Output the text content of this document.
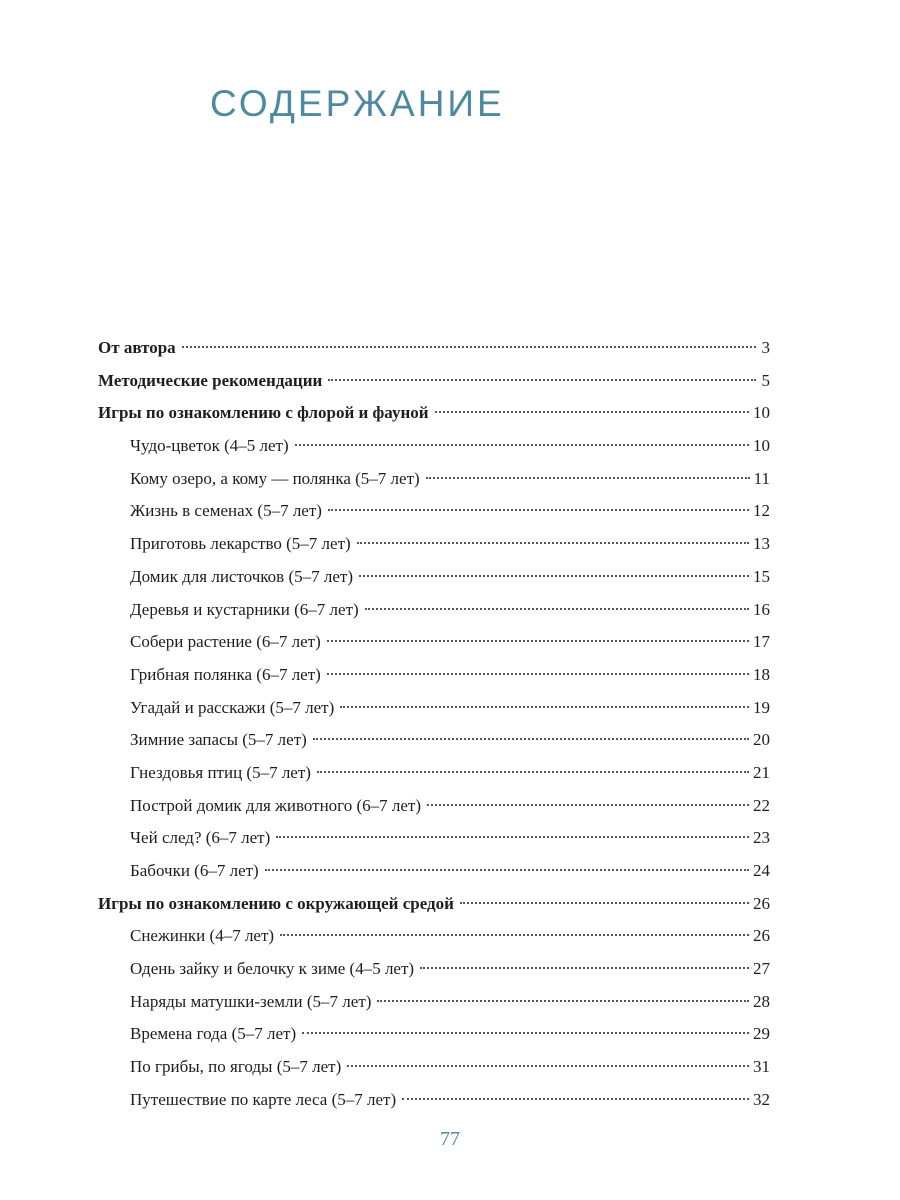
СОДЕРЖАНИЕ
От автора	3
Методические рекомендации	5
Игры по ознакомлению с флорой и фауной	10
Чудо-цветок (4–5 лет)	10
Кому озеро, а кому — полянка (5–7 лет)	11
Жизнь в семенах (5–7 лет)	12
Приготовь лекарство (5–7 лет)	13
Домик для листочков (5–7 лет)	15
Деревья и кустарники (6–7 лет)	16
Собери растение (6–7 лет)	17
Грибная полянка (6–7 лет)	18
Угадай и расскажи (5–7 лет)	19
Зимние запасы (5–7 лет)	20
Гнездовья птиц (5–7 лет)	21
Построй домик для животного (6–7 лет)	22
Чей след? (6–7 лет)	23
Бабочки (6–7 лет)	24
Игры по ознакомлению с окружающей средой	26
Снежинки (4–7 лет)	26
Одень зайку и белочку к зиме (4–5 лет)	27
Наряды матушки-земли (5–7 лет)	28
Времена года (5–7 лет)	29
По грибы, по ягоды (5–7 лет)	31
Путешествие по карте леса (5–7 лет)	32
77
